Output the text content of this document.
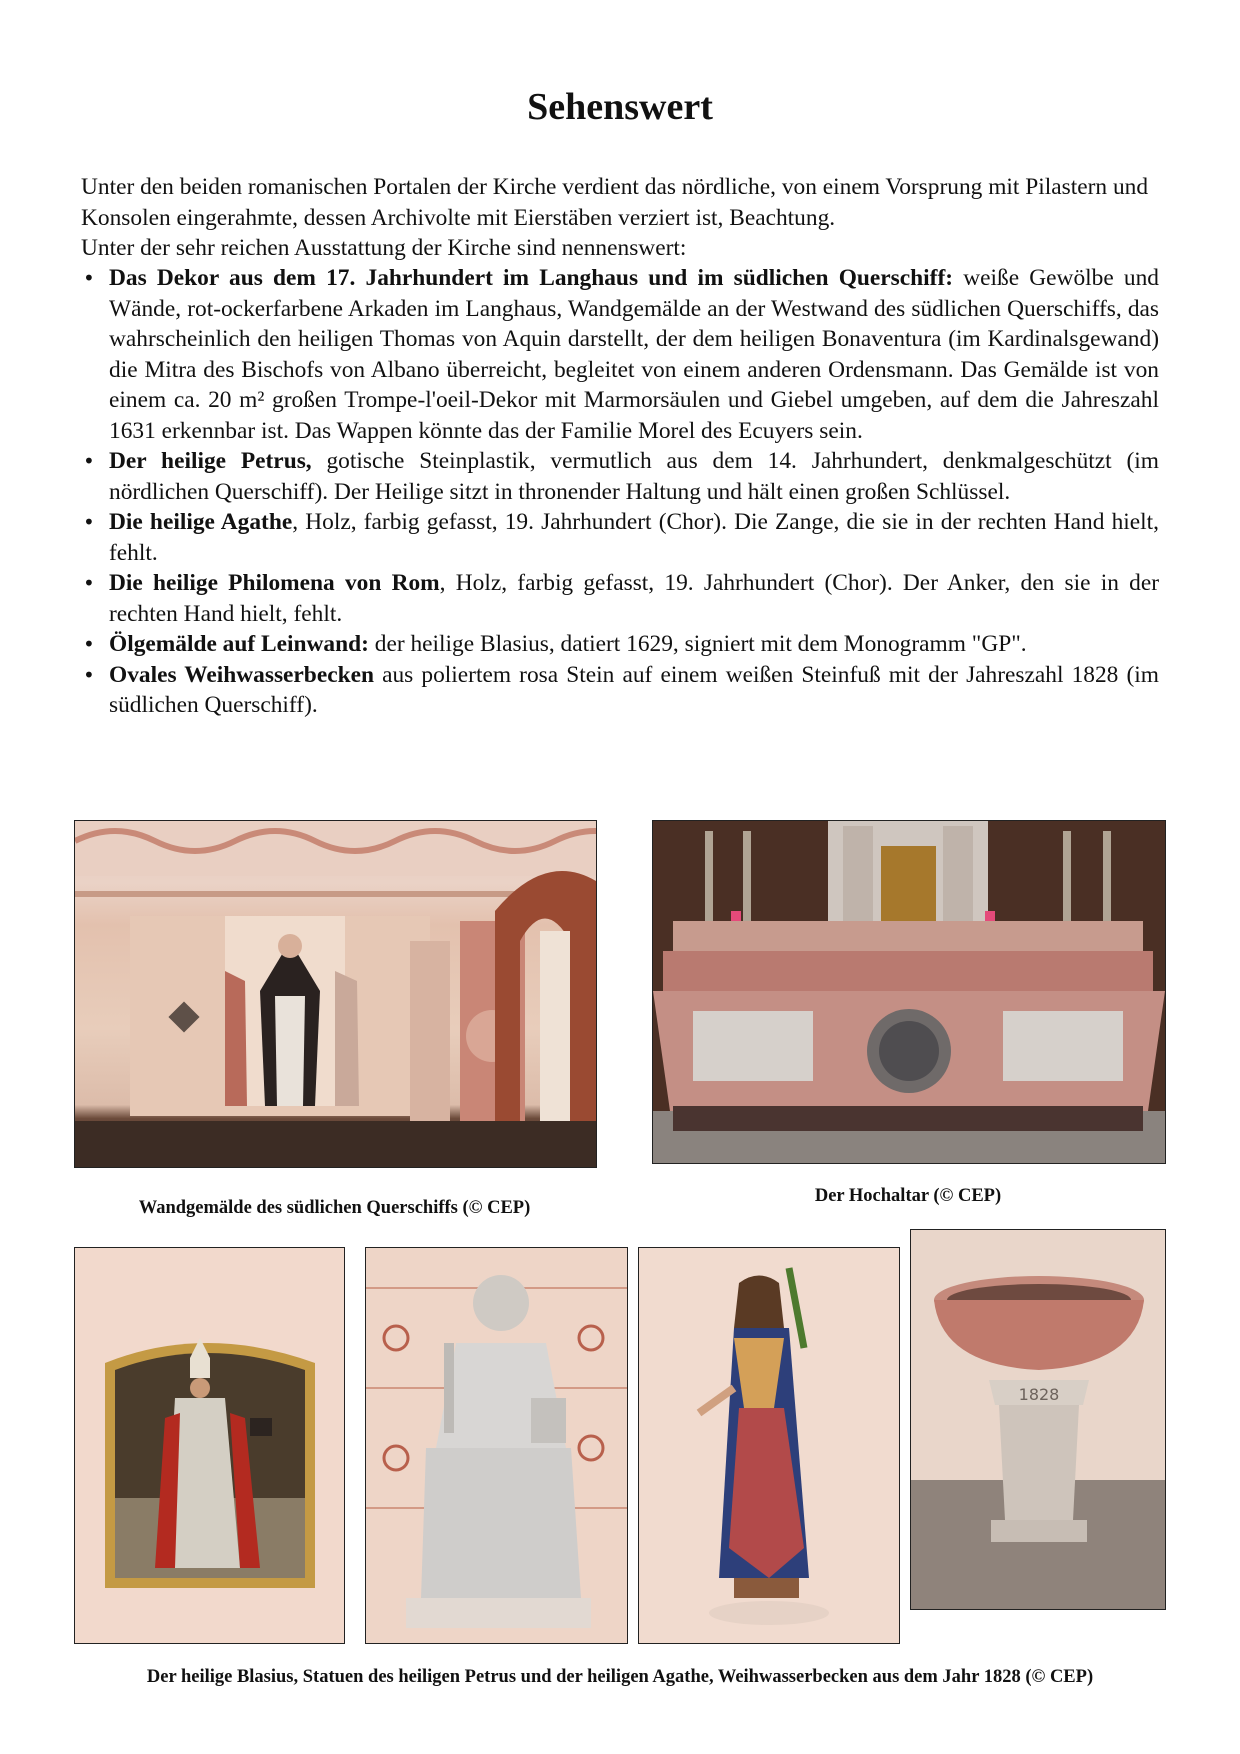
Sehenswert

Unter den beiden romanischen Portalen der Kirche verdient das nördliche, von einem Vorsprung mit Pilastern und Konsolen eingerahmte, dessen Archivolte mit Eierstäben verziert ist, Beachtung.

Unter der sehr reichen Ausstattung der Kirche sind nennenswert:

• Das Dekor aus dem 17. Jahrhundert im Langhaus und im südlichen Querschiff: weiße Gewölbe und Wände, rot-ockerfarbene Arkaden im Langhaus, Wandgemälde an der Westwand des südlichen Querschiffs, das wahrscheinlich den heiligen Thomas von Aquin darstellt, der dem heiligen Bonaventura (im Kardinalsgewand) die Mitra des Bischofs von Albano überreicht, begleitet von einem anderen Ordensmann. Das Gemälde ist von einem ca. 20 m² großen Trompe-l'oeil-Dekor mit Marmorsäulen und Giebel umgeben, auf dem die Jahreszahl 1631 erkennbar ist. Das Wappen könnte das der Familie Morel des Ecuyers sein.
• Der heilige Petrus, gotische Steinplastik, vermutlich aus dem 14. Jahrhundert, denkmalgeschützt (im nördlichen Querschiff). Der Heilige sitzt in thronender Haltung und hält einen großen Schlüssel.
• Die heilige Agathe, Holz, farbig gefasst, 19. Jahrhundert (Chor). Die Zange, die sie in der rechten Hand hielt, fehlt.
• Die heilige Philomena von Rom, Holz, farbig gefasst, 19. Jahrhundert (Chor). Der Anker, den sie in der rechten Hand hielt, fehlt.
• Ölgemälde auf Leinwand: der heilige Blasius, datiert 1629, signiert mit dem Monogramm "GP".
• Ovales Weihwasserbecken aus poliertem rosa Stein auf einem weißen Steinfuß mit der Jahreszahl 1828 (im südlichen Querschiff).
Wandgemälde des südlichen Querschiffs (© CEP)
Der Hochaltar (© CEP)
1828
Der heilige Blasius, Statuen des heiligen Petrus und der heiligen Agathe, Weihwasserbecken aus dem Jahr 1828 (© CEP)
